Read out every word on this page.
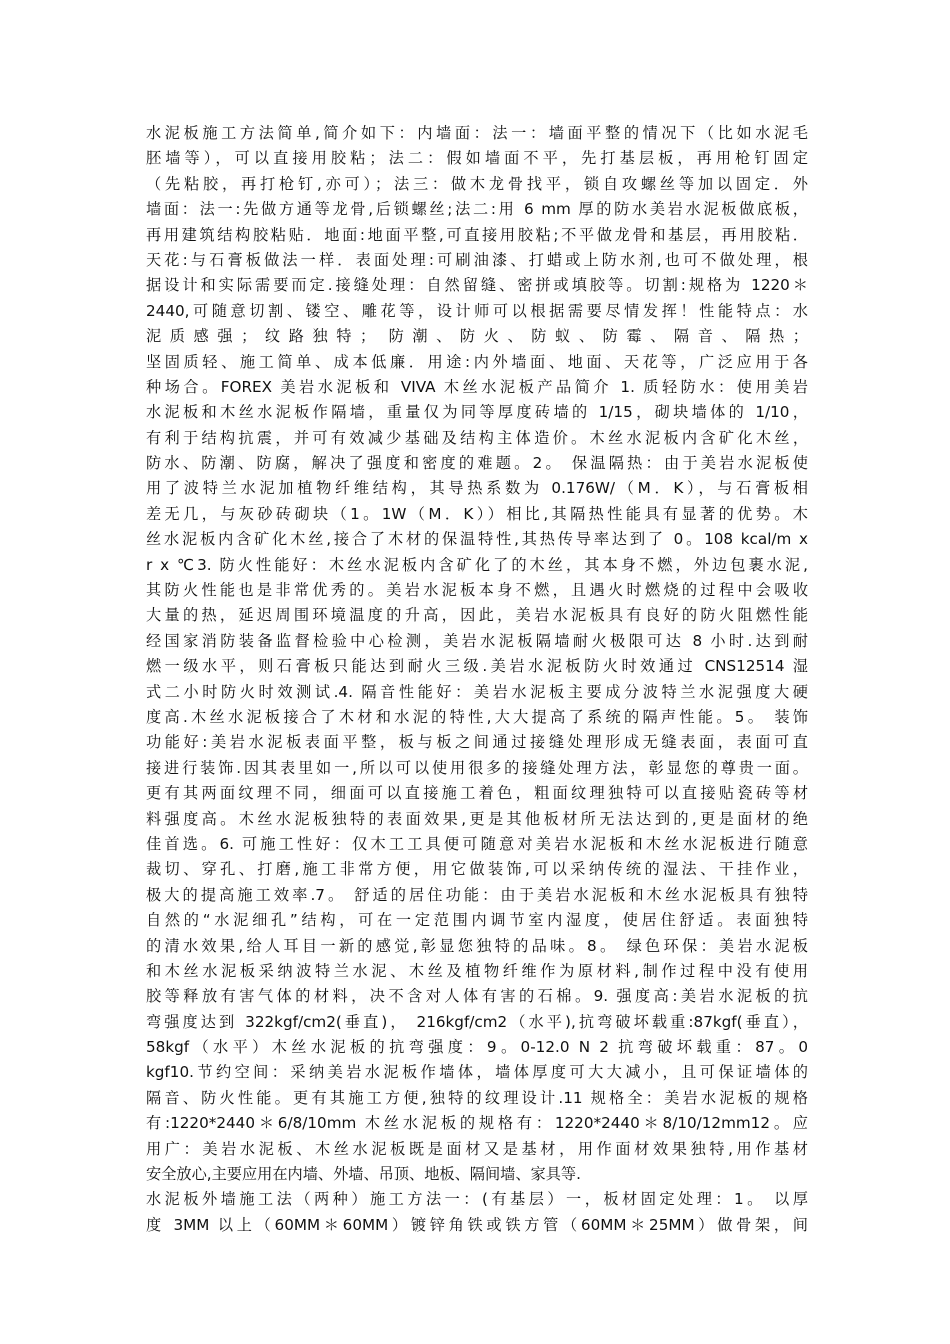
水泥板施工方法简单,简介如下：内墙面：法一：墙面平整的情况下（比如水泥毛
胚墙等），可以直接用胶粘；法二：假如墙面不平，先打基层板，再用枪钉固定
（先粘胶，再打枪钉,亦可）；法三：做木龙骨找平，锁自攻螺丝等加以固定．外
墙面：法一:先做方通等龙骨,后锁螺丝;法二:用 6 mm 厚的防水美岩水泥板做底板，
再用建筑结构胶粘贴．地面:地面平整,可直接用胶粘;不平做龙骨和基层，再用胶粘．
天花:与石膏板做法一样．表面处理:可刷油漆、打蜡或上防水剂,也可不做处理，根
据设计和实际需要而定.接缝处理：自然留缝、密拼或填胶等。切割:规格为 1220＊
2440,可随意切割、镂空、雕花等，设计师可以根据需要尽情发挥！性能特点：水
泥质感强；纹路独特； 防潮、防火、防蚁、防霉、隔音、隔热；
坚固质轻、施工简单、成本低廉．用途:内外墙面、地面、天花等，广泛应用于各
种场合。FOREX 美岩水泥板和 VIVA 木丝水泥板产品简介 1. 质轻防水：使用美岩
水泥板和木丝水泥板作隔墙，重量仅为同等厚度砖墙的 1/15，砌块墙体的 1/10，
有利于结构抗震，并可有效减少基础及结构主体造价。木丝水泥板内含矿化木丝，
防水、防潮、防腐，解决了强度和密度的难题。2。 保温隔热：由于美岩水泥板使
用了波特兰水泥加植物纤维结构，其导热系数为 0.176W/（M．K），与石膏板相
差无几，与灰砂砖砌块（1。1W（M．K））相比,其隔热性能具有显著的优势。木
丝水泥板内含矿化木丝,接合了木材的保温特性,其热传导率达到了 0。108 kcal/m x
r x ℃3. 防火性能好：木丝水泥板内含矿化了的木丝，其本身不燃，外边包裹水泥,
其防火性能也是非常优秀的。美岩水泥板本身不燃，且遇火时燃烧的过程中会吸收
大量的热，延迟周围环境温度的升高，因此，美岩水泥板具有良好的防火阻燃性能
经国家消防装备监督检验中心检测，美岩水泥板隔墙耐火极限可达 8 小时.达到耐
燃一级水平，则石膏板只能达到耐火三级.美岩水泥板防火时效通过 CNS12514 湿
式二小时防火时效测试.4. 隔音性能好：美岩水泥板主要成分波特兰水泥强度大硬
度高.木丝水泥板接合了木材和水泥的特性,大大提高了系统的隔声性能。5。 装饰
功能好:美岩水泥板表面平整，板与板之间通过接缝处理形成无缝表面，表面可直
接进行装饰.因其表里如一,所以可以使用很多的接缝处理方法，彰显您的尊贵一面。
更有其两面纹理不同，细面可以直接施工着色，粗面纹理独特可以直接贴瓷砖等材
料强度高。木丝水泥板独特的表面效果,更是其他板材所无法达到的,更是面材的绝
佳首选。6. 可施工性好：仅木工工具便可随意对美岩水泥板和木丝水泥板进行随意
裁切、穿孔、打磨,施工非常方便，用它做装饰,可以采纳传统的湿法、干挂作业，
极大的提高施工效率.7。 舒适的居住功能：由于美岩水泥板和木丝水泥板具有独特
自然的“水泥细孔”结构，可在一定范围内调节室内湿度，使居住舒适。表面独特
的清水效果,给人耳目一新的感觉,彰显您独特的品味。8。 绿色环保：美岩水泥板
和木丝水泥板采纳波特兰水泥、木丝及植物纤维作为原材料,制作过程中没有使用
胶等释放有害气体的材料，决不含对人体有害的石棉。9. 强度高:美岩水泥板的抗
弯强度达到 322kgf/cm2(垂直)， 216kgf/cm2（水平),抗弯破坏载重:87kgf(垂直），
58kgf（水平）木丝水泥板的抗弯强度：9。0-12.0 N 2 抗弯破坏载重：87。0
kgf10.节约空间：采纳美岩水泥板作墙体，墙体厚度可大大减小，且可保证墙体的
隔音、防火性能。更有其施工方便,独特的纹理设计.11 规格全：美岩水泥板的规格
有:1220*2440＊6/8/10mm 木丝水泥板的规格有：1220*2440＊8/10/12mm12。应
用广：美岩水泥板、木丝水泥板既是面材又是基材，用作面材效果独特,用作基材
安全放心,主要应用在内墙、外墙、吊顶、地板、隔间墙、家具等.
水泥板外墙施工法（两种）施工方法一：(有基层）一，板材固定处理：1。 以厚
度 3MM 以上（60MM＊60MM）镀锌角铁或铁方管（60MM＊25MM）做骨架，间
